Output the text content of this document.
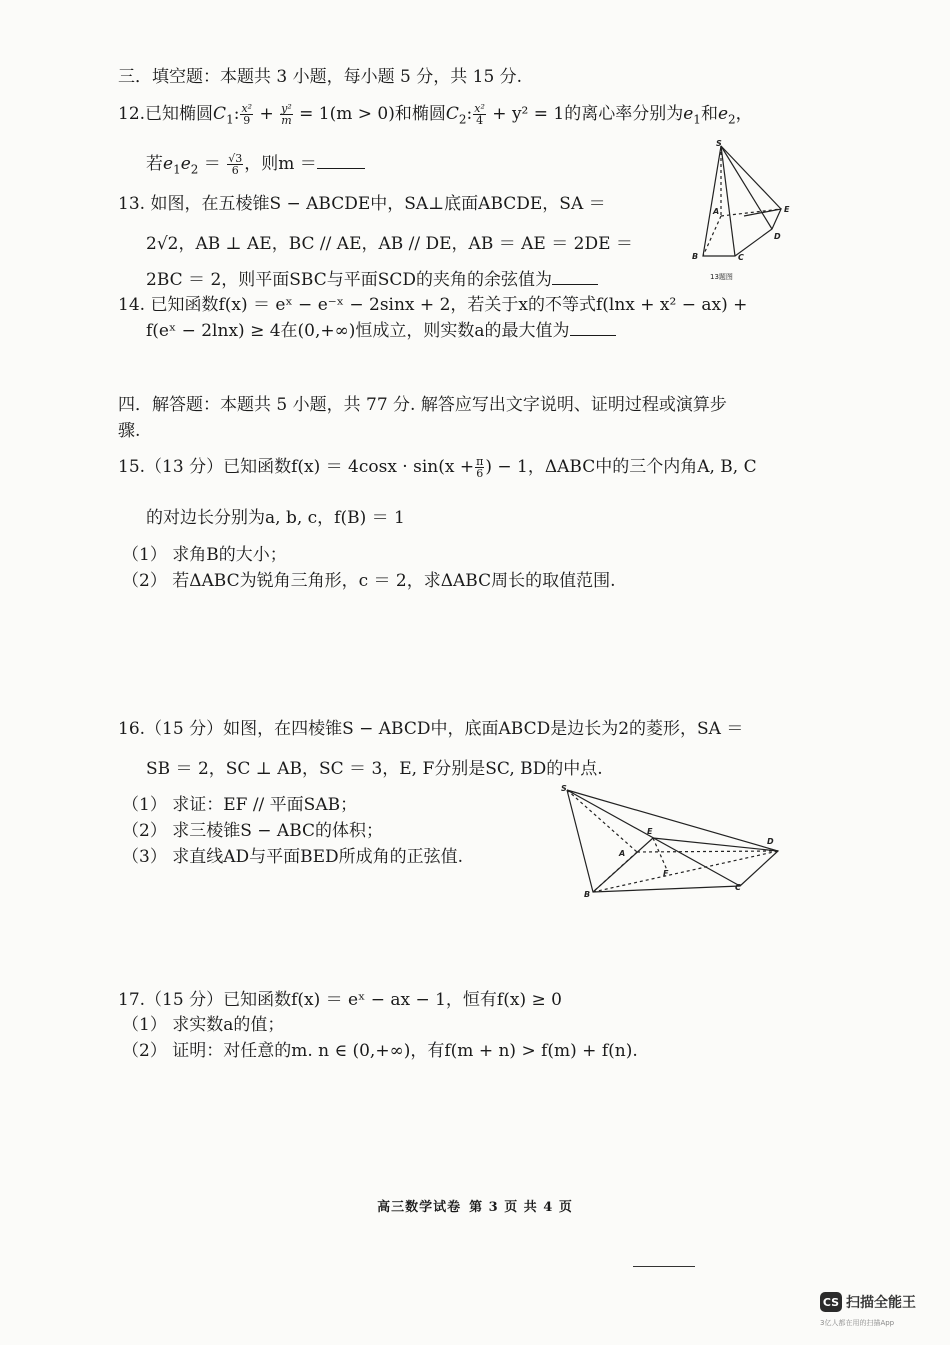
三．填空题：本题共 3 小题，每小题 5 分，共 15 分.
12.已知椭圆$C_1$: $\frac{\text{x²}}{9} + \frac{\text{y²}}{m} = 1(m > 0)$和椭圆$C_2$: $\frac{\text{x²}}{4} + y^2 = 1$的离心率分别为$e_1$和$e_2$，
若$e_1e_2 = \frac{√3}{6}$ ，则m ＝
13. 如图，在五棱锥S − ABCDE中，SA⊥底面ABCDE，SA ＝
2√2，AB ⊥ AE，BC // AE，AB // DE，AB ＝ AE ＝ 2DE ＝
2BC ＝ 2，则平面SBC与平面SCD的夹角的余弦值为
S
A
B	C
D
E
13题图
14. 已知函数f(x) ＝ eˣ − e⁻ˣ − 2sinx + 2，若关于x的不等式f(lnx + x² − ax) +
f(eˣ − 2lnx) ≥ 4在(0,+∞)恒成立，则实数a的最大值为
四．解答题：本题共 5 小题，共 77 分. 解答应写出文字说明、证明过程或演算步
骤.
15.（13 分）已知函数$f(x) = 4\cos x \cdot \sin(x + \frac{\pi}{6}$ ) − 1，ΔABC中的三个内角A, B, C
的对边长分别为a, b, c，f(B) ＝ 1
（1） 求角B的大小；
（2） 若ΔABC为锐角三角形，c ＝ 2，求ΔABC周长的取值范围.
16.（15 分）如图，在四棱锥S − ABCD中，底面ABCD是边长为2的菱形，SA ＝
SB ＝ 2，SC ⊥ AB，SC ＝ 3，E, F分别是SC, BD的中点.
（1） 求证：EF // 平面SAB；
（2） 求三棱锥S − ABC的体积；
（3） 求直线AD与平面BED所成角的正弦值.
S
A
B
C
D
E
F
17.（15 分）已知函数f(x) ＝ eˣ − ax − 1，恒有f(x) ≥ 0
（1） 求实数a的值；
（2） 证明：对任意的m. n ∈ (0,+∞)，有f(m + n) > f(m) + f(n).
高三数学试卷 第 3 页 共 4 页
CS 扫描全能王
3亿人都在用的扫描App
